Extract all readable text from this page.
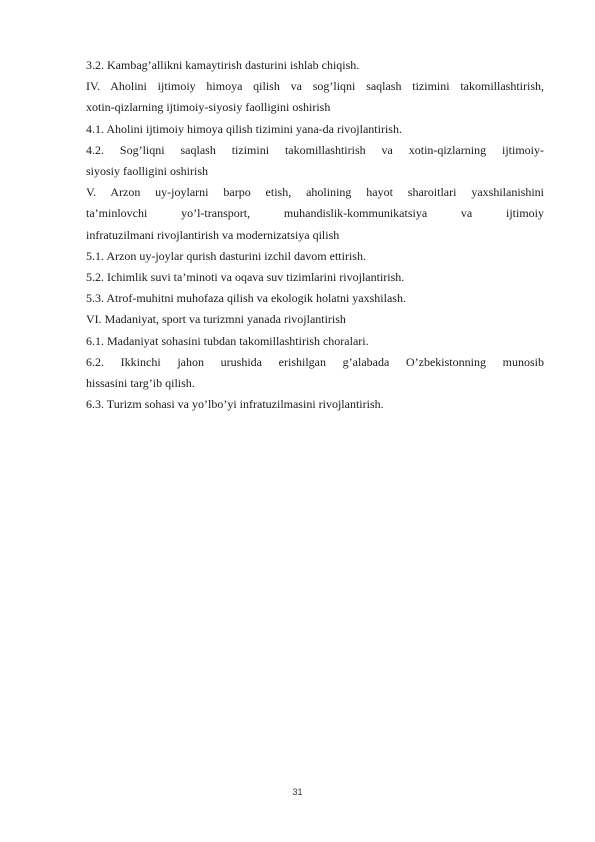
3.2. Kambag’allikni kamaytirish dasturini ishlab chiqish.
IV. Aholini ijtimoiy himoya qilish va sog’liqni saqlash tizimini takomillashtirish,
xotin-qizlarning ijtimoiy-siyosiy faolligini oshirish
4.1. Aholini ijtimoiy himoya qilish tizimini yana-da rivojlantirish.
4.2. Sog’liqni saqlash tizimini takomillashtirish va xotin-qizlarning ijtimoiy-
siyosiy faolligini oshirish
V. Arzon uy-joylarni barpo etish, aholining hayot sharoitlari yaxshilanishini
ta’minlovchi yo’l-transport, muhandislik-kommunikatsiya va ijtimoiy
infratuzilmani rivojlantirish va modernizatsiya qilish
5.1. Arzon uy-joylar qurish dasturini izchil davom ettirish.
5.2. Ichimlik suvi ta’minoti va oqava suv tizimlarini rivojlantirish.
5.3. Atrof-muhitni muhofaza qilish va ekologik holatni yaxshilash.
VI. Madaniyat, sport va turizmni yanada rivojlantirish
6.1. Madaniyat sohasini tubdan takomillashtirish choralari.
6.2. Ikkinchi jahon urushida erishilgan g’alabada O’zbekistonning munosib
hissasini targ’ib qilish.
6.3. Turizm sohasi va yo’lbo’yi infratuzilmasini rivojlantirish.
31
